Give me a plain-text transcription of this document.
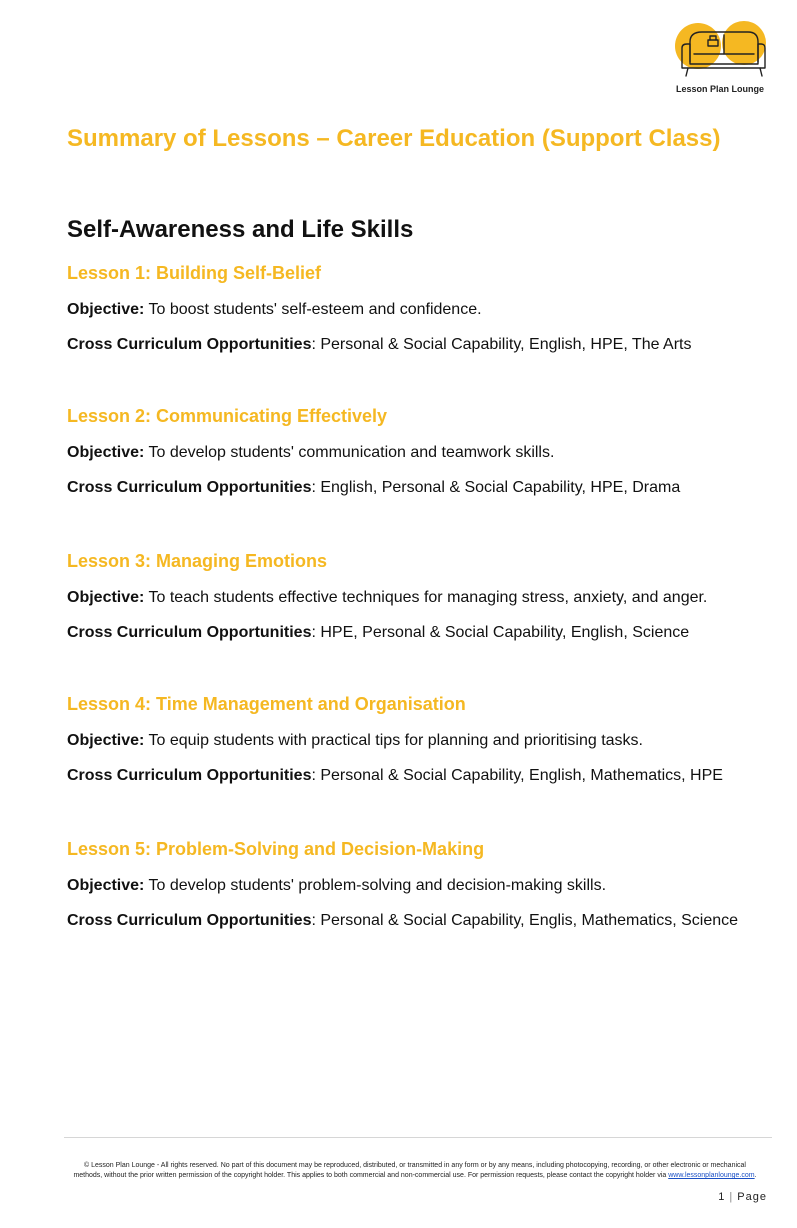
Lesson Plan Lounge
Summary of Lessons – Career Education (Support Class)
Self-Awareness and Life Skills
Lesson 1: Building Self-Belief

Objective: To boost students' self-esteem and confidence.

Cross Curriculum Opportunities: Personal & Social Capability, English, HPE, The Arts

Lesson 2: Communicating Effectively

Objective: To develop students' communication and teamwork skills.

Cross Curriculum Opportunities: English, Personal & Social Capability, HPE, Drama

Lesson 3: Managing Emotions

Objective: To teach students effective techniques for managing stress, anxiety, and anger.

Cross Curriculum Opportunities: HPE, Personal & Social Capability, English, Science

Lesson 4: Time Management and Organisation

Objective: To equip students with practical tips for planning and prioritising tasks.

Cross Curriculum Opportunities: Personal & Social Capability, English, Mathematics, HPE

Lesson 5: Problem-Solving and Decision-Making

Objective: To develop students' problem-solving and decision-making skills.

Cross Curriculum Opportunities: Personal & Social Capability, Englis, Mathematics, Science

© Lesson Plan Lounge - All rights reserved. No part of this document may be reproduced, distributed, or transmitted in any form or by any means, including photocopying, recording, or other electronic or mechanical methods, without the prior written permission of the copyright holder. This applies to both commercial and non-commercial use. For permission requests, please contact the copyright holder via www.lessonplanlounge.com.
1 | Page
